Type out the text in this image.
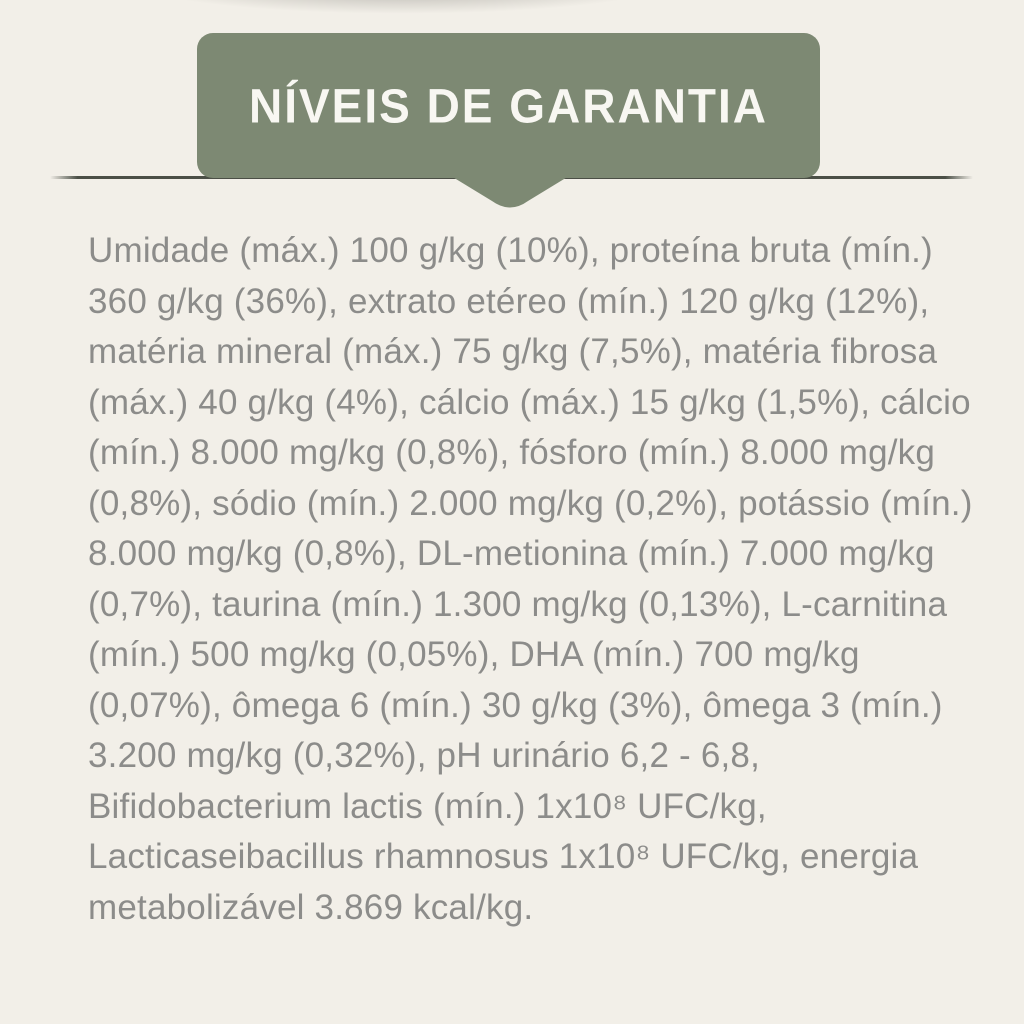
NÍVEIS DE GARANTIA
Umidade (máx.) 100 g/kg (10%), proteína bruta (mín.)
360 g/kg (36%), extrato etéreo (mín.) 120 g/kg (12%),
matéria mineral (máx.) 75 g/kg (7,5%), matéria fibrosa
(máx.) 40 g/kg (4%), cálcio (máx.) 15 g/kg (1,5%), cálcio
(mín.) 8.000 mg/kg (0,8%), fósforo (mín.) 8.000 mg/kg
(0,8%), sódio (mín.) 2.000 mg/kg (0,2%), potássio (mín.)
8.000 mg/kg (0,8%), DL-metionina (mín.) 7.000 mg/kg
(0,7%), taurina (mín.) 1.300 mg/kg (0,13%), L-carnitina
(mín.) 500 mg/kg (0,05%), DHA (mín.) 700 mg/kg
(0,07%), ômega 6 (mín.) 30 g/kg (3%), ômega 3 (mín.)
3.200 mg/kg (0,32%), pH urinário 6,2 - 6,8,
Bifidobacterium lactis (mín.) 1x10⁸ UFC/kg,
Lacticaseibacillus rhamnosus 1x10⁸ UFC/kg, energia
metabolizável 3.869 kcal/kg.
